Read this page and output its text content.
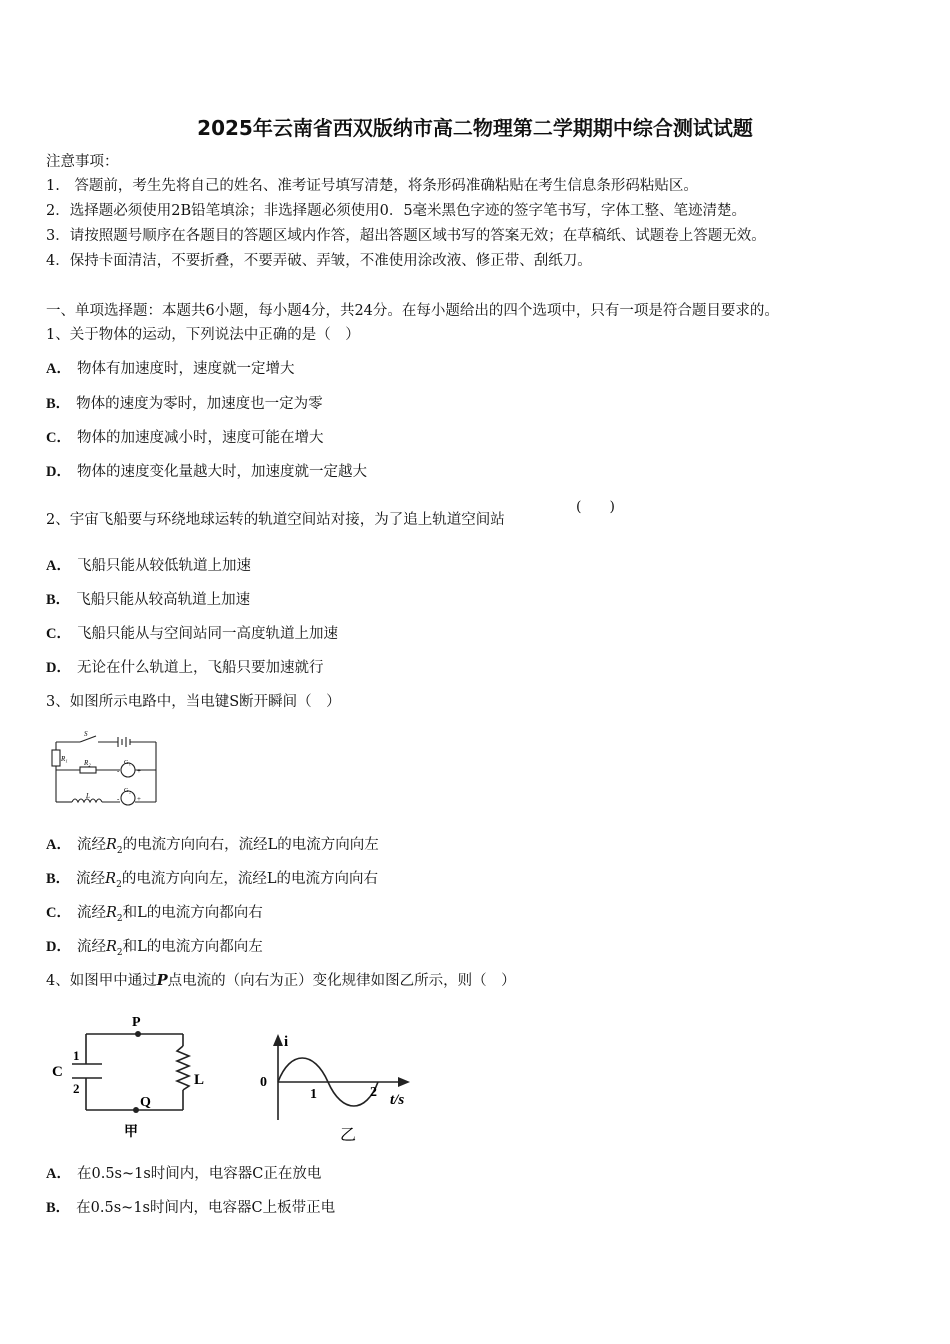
2025年云南省西双版纳市高二物理第二学期期中综合测试试题
注意事项：
1.　答题前，考生先将自己的姓名、准考证号填写清楚，将条形码准确粘贴在考生信息条形码粘贴区。
2．选择题必须使用2B铅笔填涂；非选择题必须使用0．5毫米黑色字迹的签字笔书写，字体工整、笔迹清楚。
3．请按照题号顺序在各题目的答题区域内作答，超出答题区域书写的答案无效；在草稿纸、试题卷上答题无效。
4．保持卡面清洁，不要折叠，不要弄破、弄皱，不准使用涂改液、修正带、刮纸刀。
一、单项选择题：本题共6小题，每小题4分，共24分。在每小题给出的四个选项中，只有一项是符合题目要求的。
1、关于物体的运动，下列说法中正确的是（　）
A． 物体有加速度时，速度就一定增大
B． 物体的速度为零时，加速度也一定为零
C． 物体的加速度减小时，速度可能在增大
D． 物体的速度变化量越大时，加速度就一定越大
2、宇宙飞船要与环绕地球运转的轨道空间站对接，为了追上轨道空间站
(　　)
A． 飞船只能从较低轨道上加速
B． 飞船只能从较高轨道上加速
C． 飞船只能从与空间站同一高度轨道上加速
D． 无论在什么轨道上，飞船只要加速就行
3、如图所示电路中，当电键S断开瞬间（　）
S
R₁ R₂	G₁
-	+
L
G₂
-	+
A． 流经$R_2$的电流方向向右，流经L的电流方向向左
B． 流经$R_2$的电流方向向左，流经L的电流方向向右
C． 流经$R_2$和L的电流方向都向右
D． 流经$R_2$和L的电流方向都向左
4、如图甲中通过P点电流的（向右为正）变化规律如图乙所示，则（　）
P
Q
C
1
2
L
甲
i
0
1	2 t/s
乙
A． 在0.5s~1s时间内，电容器C正在放电
B． 在0.5s~1s时间内，电容器C上板带正电
